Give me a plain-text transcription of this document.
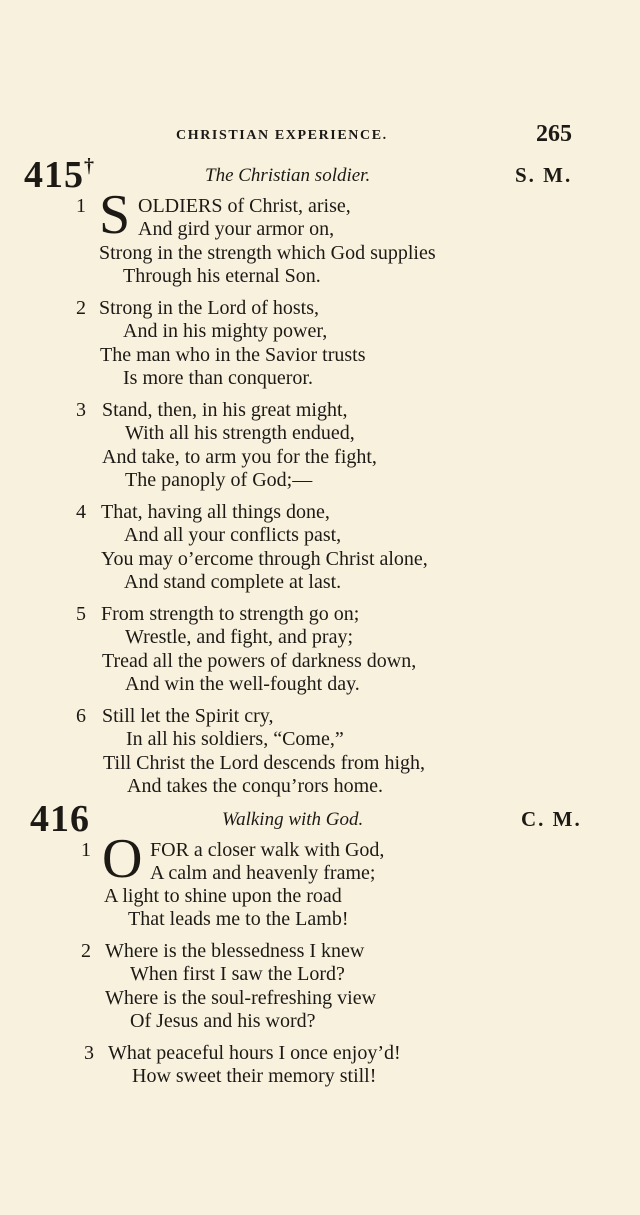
CHRISTIAN EXPERIENCE.	265
415†	The Christian soldier.	S. M.
S
1	OLDIERS of Christ, arise,
And gird your armor on,
Strong in the strength which God supplies
Through his eternal Son.
2 Strong in the Lord of hosts,
And in his mighty power,
The man who in the Savior trusts
Is more than conqueror.
3 Stand, then, in his great might,
With all his strength endued,
And take, to arm you for the fight,
The panoply of God;—
4 That, having all things done,
And all your conflicts past,
You may o’ercome through Christ alone,
And stand complete at last.
5 From strength to strength go on;
Wrestle, and fight, and pray;
Tread all the powers of darkness down,
And win the well-fought day.
6 Still let the Spirit cry,
In all his soldiers, “Come,”
Till Christ the Lord descends from high,
And takes the conqu’rors home.
416	Walking with God.	C. M.
O
1	FOR a closer walk with God,
A calm and heavenly frame;
A light to shine upon the road
That leads me to the Lamb!
2 Where is the blessedness I knew
When first I saw the Lord?
Where is the soul-refreshing view
Of Jesus and his word?
3 What peaceful hours I once enjoy’d!
How sweet their memory still!
